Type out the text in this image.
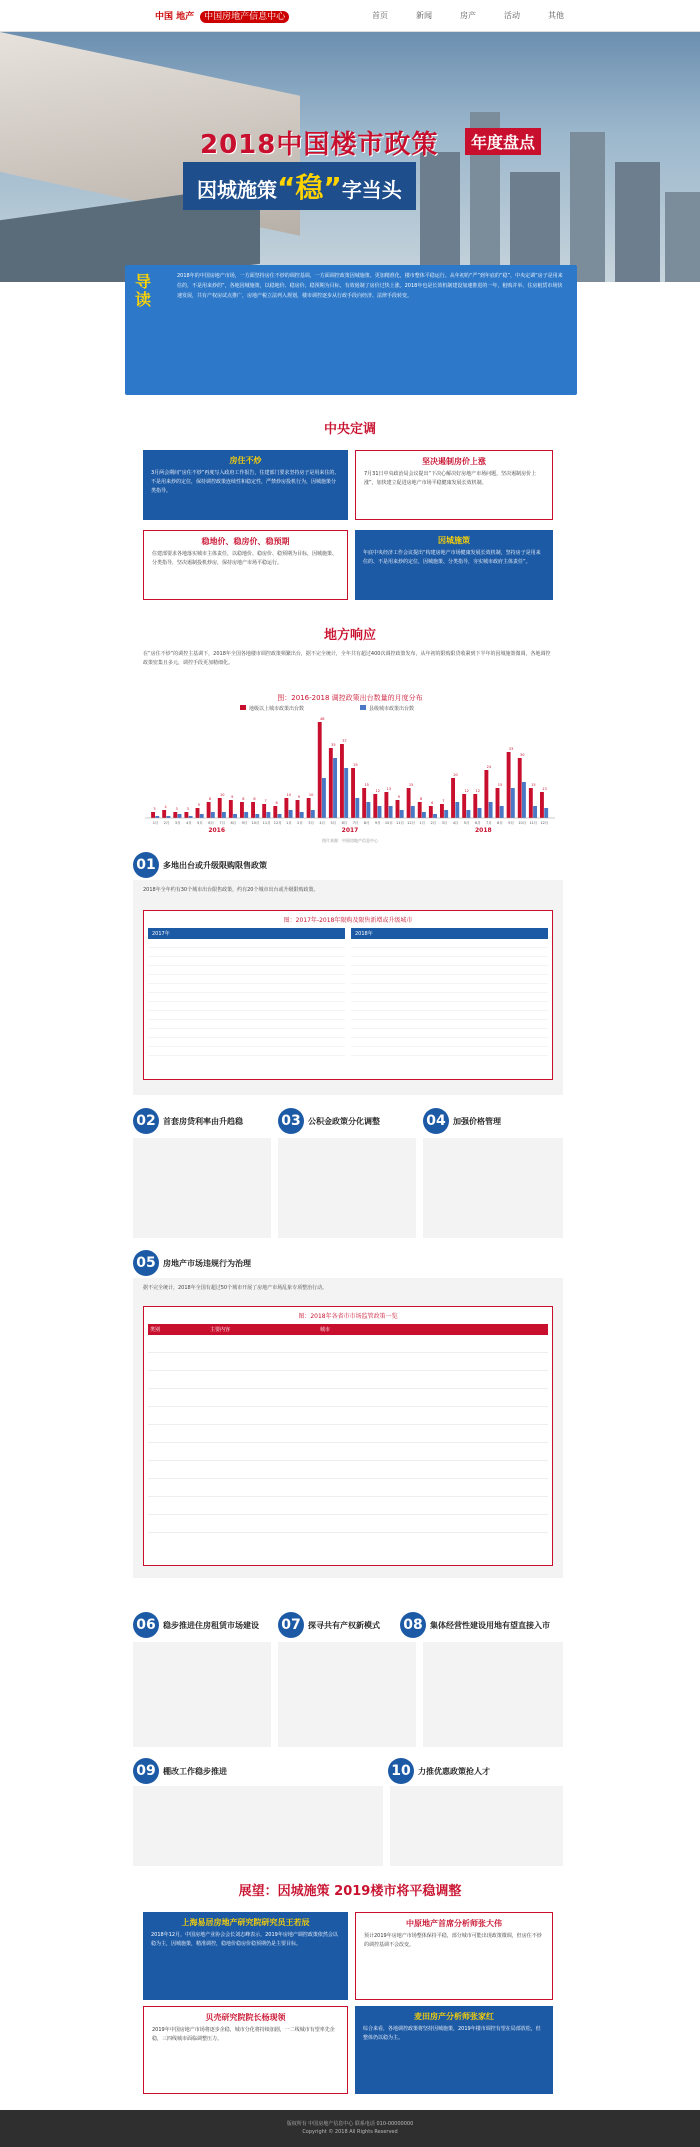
中国 地产 中国房地产信息中心	首页	新闻	房产	活动	其他
2018中国楼市政策	年度盘点
因城施策“稳”字当头
导读
2018年的中国房地产市场，一方面坚持房住不炒的调控基调，一方面调控政策因城施策、更加精准化，楼市整体平稳运行。从年初的“严”到年底的“稳”，中央定调“房子是用来住的，不是用来炒的”，各地因城施策，以稳地价、稳房价、稳预期为目标，有效遏制了房价过快上涨。2018年也是长效机制建设加速推进的一年，租购并举、住房租赁市场快速发展，共有产权房试点推广，房地产税立法列入规划，楼市调控逐步从行政手段向经济、法律手段转变。
中央定调
房住不炒
3月两会期间“房住不炒”再度写入政府工作报告，住建部门要求坚持房子是用来住的、不是用来炒的定位，保持调控政策连续性和稳定性，严禁炒房投机行为，因城施策分类指导。
坚决遏制房价上涨
7月31日中央政治局会议提出“下决心解决好房地产市场问题，坚决遏制房价上涨”，加快建立促进房地产市场平稳健康发展长效机制。
稳地价、稳房价、稳预期
住建部要求各地落实城市主体责任，以稳地价、稳房价、稳预期为目标，因城施策、分类指导，坚决遏制投机炒房，保持房地产市场平稳运行。
因城施策
年底中央经济工作会议提出“构建房地产市场健康发展长效机制，坚持房子是用来住的、不是用来炒的定位，因城施策、分类指导，夯实城市政府主体责任”。
地方响应
在“房住不炒”的调控主基调下，2018年全国各地楼市调控政策频繁出台，据不完全统计，全年共有超过400次调控政策发布，从年初的限购限贷收紧到下半年的因城施策微调，各地调控政策密集且多元，调控手段更加精细化。
图：2016-2018 调控政策出台数量的月度分布
地级以上城市政策出台数	县级城市政策出台数
3	4	3	3
5
8
10 9	8	8	7	6
10 9	10
48
35
37
25
15
12 13
9
15
8
6	7
20
12 12
24
15
33
30
15
13
1月 2月 3月 4月 5月 6月 7月 8月 9月 10月 11月 12月 1月 2月 3月 4月 5月 6月 7月 8月 9月 10月 11月 12月 1月 2月 3月 4月 5月 6月 7月 8月 9月 10月 11月 12月
2016	2017	2018
图片来源：中国房地产信息中心
01 多地出台或升级限购限售政策
2018年全年约有30个城市出台限售政策，约有20个城市出台或升级限购政策。
图：2017年-2018年限购及限售新增或升级城市
2017年	2018年
02 首套房贷利率由升趋稳	03 公积金政策分化调整	04 加强价格管理
05 房地产市场违规行为治理
据不完全统计，2018年全国有超过50个城市开展了房地产市场乱象专项整治行动。
图：2018年各省市市场监管政策一览
类别	主要内容	城市
06 稳步推进住房租赁市场建设 07 探寻共有产权新模式 08 集体经营性建设用地有望直接入市
09 棚改工作稳步推进	10 力推优惠政策抢人才
展望：因城施策 2019楼市将平稳调整
上海易居房地产研究院研究员王若辰
2018年12月，中国房地产业协会会长刘志峰表示，2019年房地产调控政策依然会以稳为主，因城施策，精准调控，稳地价稳房价稳预期仍是主要目标。
中原地产首席分析师张大伟
预计2019年房地产市场整体保持平稳，部分城市可能出现政策微调，但房住不炒的调控基调不会改变。
贝壳研究院院长杨现领
2019年中国房地产市场将逐步企稳，城市分化将持续加剧，一二线城市有望率先企稳，三四线城市面临调整压力。
麦田房产分析师张家红
综合来看，各地调控政策将坚持因城施策，2019年楼市调控有望在局部放松，但整体仍以稳为主。
版权所有 中国房地产信息中心 联系电话 010-00000000
Copyright © 2018 All Rights Reserved
